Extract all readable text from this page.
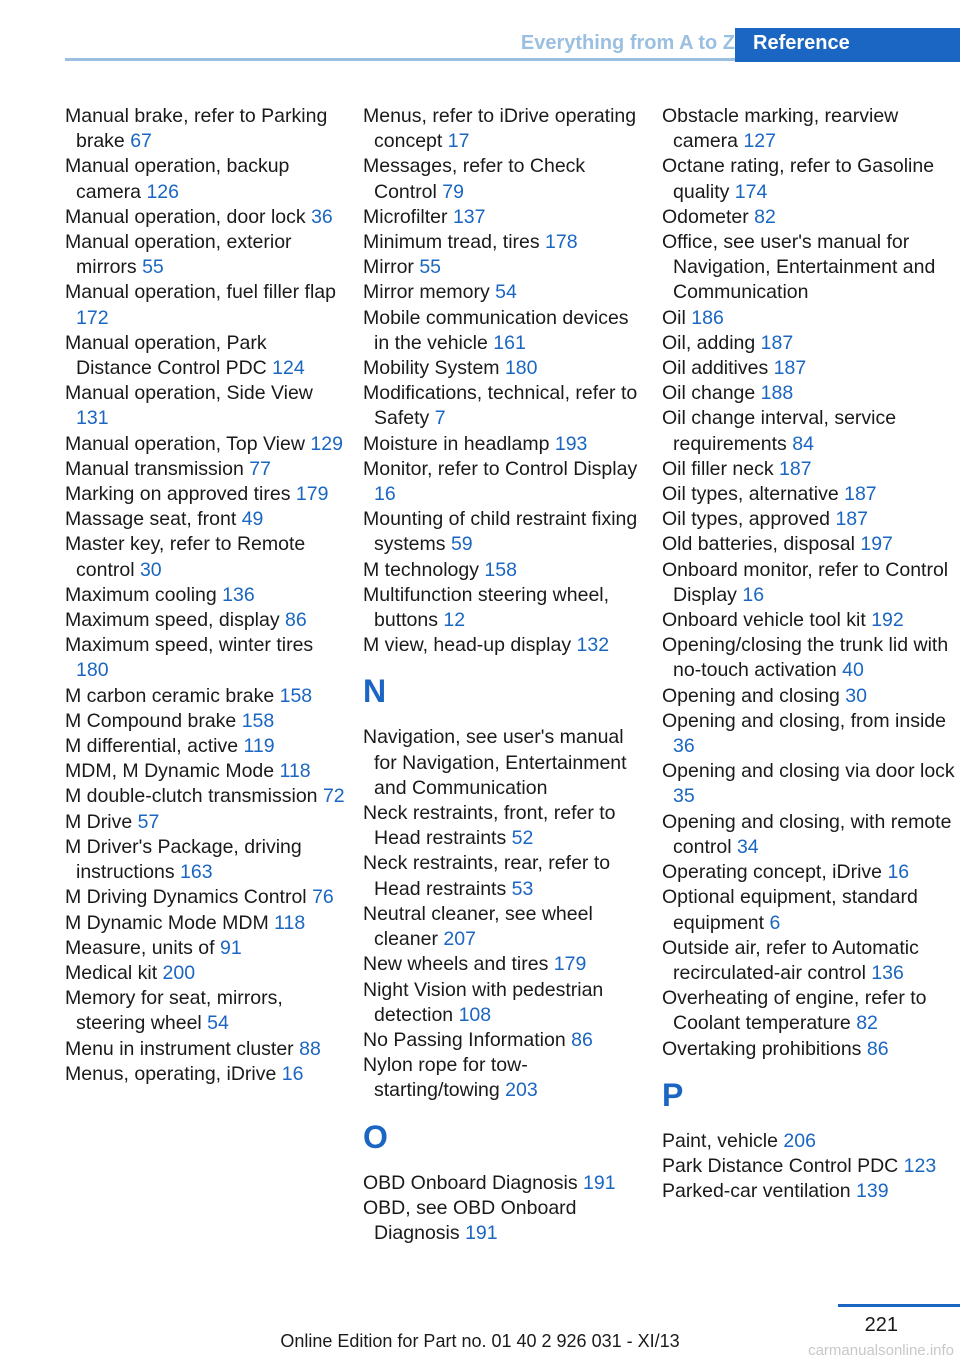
Everything from A to Z Reference
Manual brake, refer to Parking brake 67
Manual operation, backup camera 126
Manual operation, door lock 36
Manual operation, exterior mirrors 55
Manual operation, fuel filler flap 172
Manual operation, Park Distance Control PDC 124
Manual operation, Side View 131
Manual operation, Top View 129
Manual transmission 77
Marking on approved tires 179
Massage seat, front 49
Master key, refer to Remote control 30
Maximum cooling 136
Maximum speed, display 86
Maximum speed, winter tires 180
M carbon ceramic brake 158
M Compound brake 158
M differential, active 119
MDM, M Dynamic Mode 118
M double-clutch transmission 72
M Drive 57
M Driver's Package, driving instructions 163
M Driving Dynamics Control 76
M Dynamic Mode MDM 118
Measure, units of 91
Medical kit 200
Memory for seat, mirrors, steering wheel 54
Menu in instrument cluster 88
Menus, operating, iDrive 16
Menus, refer to iDrive operating concept 17
Messages, refer to Check Control 79
Microfilter 137
Minimum tread, tires 178
Mirror 55
Mirror memory 54
Mobile communication devices in the vehicle 161
Mobility System 180
Modifications, technical, refer to Safety 7
Moisture in headlamp 193
Monitor, refer to Control Display 16
Mounting of child restraint fixing systems 59
M technology 158
Multifunction steering wheel, buttons 12
M view, head-up display 132
N
Navigation, see user's manual for Navigation, Entertainment and Communication
Neck restraints, front, refer to Head restraints 52
Neck restraints, rear, refer to Head restraints 53
Neutral cleaner, see wheel cleaner 207
New wheels and tires 179
Night Vision with pedestrian detection 108
No Passing Information 86
Nylon rope for tow-starting/towing 203
O
OBD Onboard Diagnosis 191
OBD, see OBD Onboard Diagnosis 191
Obstacle marking, rearview camera 127
Octane rating, refer to Gasoline quality 174
Odometer 82
Office, see user's manual for Navigation, Entertainment and Communication
Oil 186
Oil, adding 187
Oil additives 187
Oil change 188
Oil change interval, service requirements 84
Oil filler neck 187
Oil types, alternative 187
Oil types, approved 187
Old batteries, disposal 197
Onboard monitor, refer to Control Display 16
Onboard vehicle tool kit 192
Opening/closing the trunk lid with no-touch activation 40
Opening and closing 30
Opening and closing, from inside 36
Opening and closing via door lock 35
Opening and closing, with remote control 34
Operating concept, iDrive 16
Optional equipment, standard equipment 6
Outside air, refer to Automatic recirculated-air control 136
Overheating of engine, refer to Coolant temperature 82
Overtaking prohibitions 86
P
Paint, vehicle 206
Park Distance Control PDC 123
Parked-car ventilation 139
221
Online Edition for Part no. 01 40 2 926 031 - XI/13	carmanualsonline.info
